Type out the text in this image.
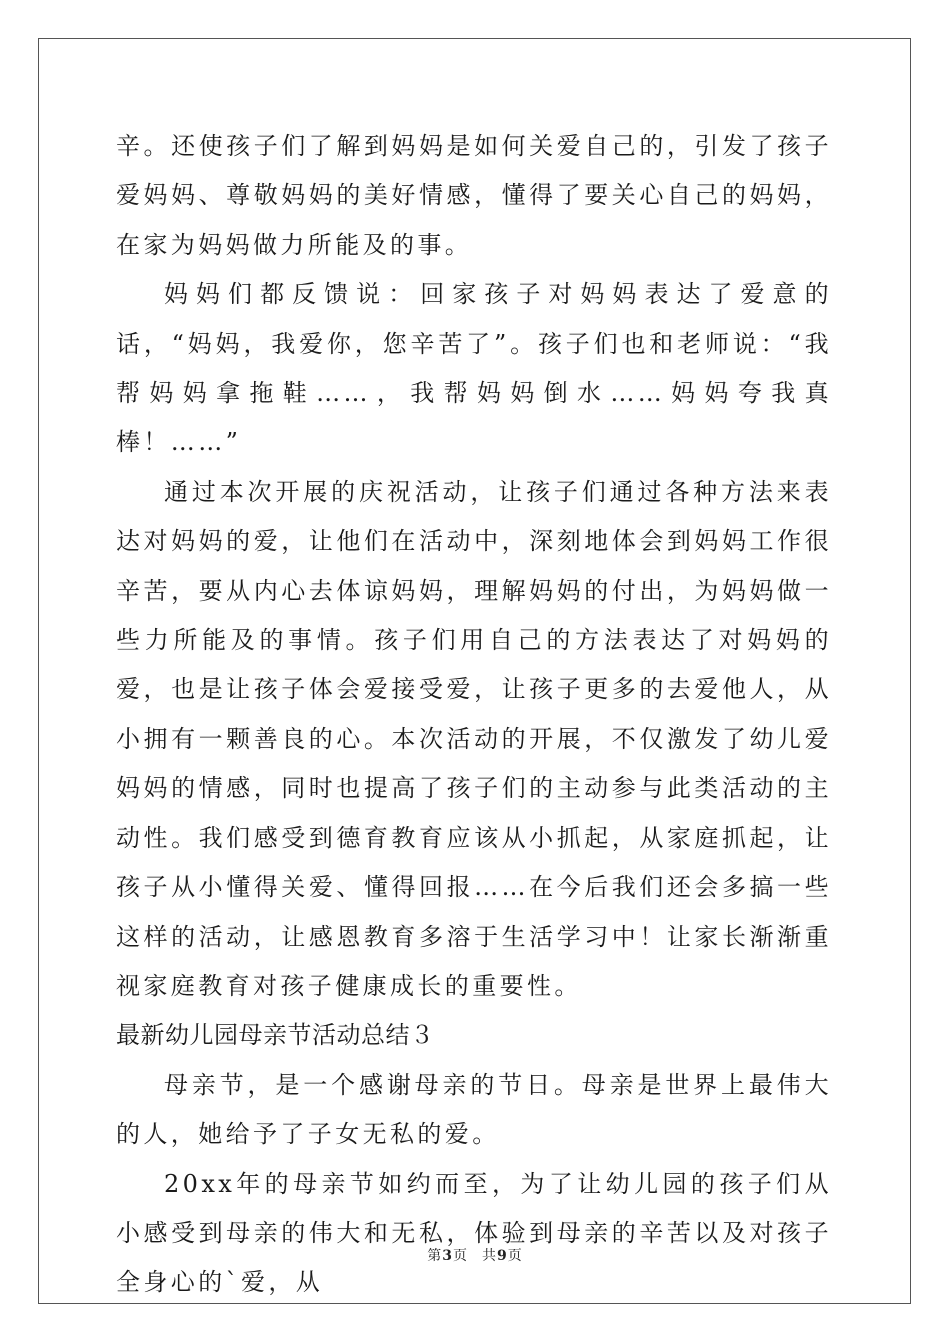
辛。还使孩子们了解到妈妈是如何关爱自己的，引发了孩子爱妈妈、尊敬妈妈的美好情感，懂得了要关心自己的妈妈，在家为妈妈做力所能及的事。

妈妈们都反馈说：回家孩子对妈妈表达了爱意的话，“妈妈，我爱你，您辛苦了”。孩子们也和老师说：“我帮妈妈拿拖鞋……，我帮妈妈倒水……妈妈夸我真棒！……”

通过本次开展的庆祝活动，让孩子们通过各种方法来表达对妈妈的爱，让他们在活动中，深刻地体会到妈妈工作很辛苦，要从内心去体谅妈妈，理解妈妈的付出，为妈妈做一些力所能及的事情。孩子们用自己的方法表达了对妈妈的爱，也是让孩子体会爱接受爱，让孩子更多的去爱他人，从小拥有一颗善良的心。本次活动的开展，不仅激发了幼儿爱妈妈的情感，同时也提高了孩子们的主动参与此类活动的主动性。我们感受到德育教育应该从小抓起，从家庭抓起，让孩子从小懂得关爱、懂得回报……在今后我们还会多搞一些这样的活动，让感恩教育多溶于生活学习中！让家长渐渐重视家庭教育对孩子健康成长的重要性。

最新幼儿园母亲节活动总结３

母亲节，是一个感谢母亲的节日。母亲是世界上最伟大的人，她给予了子女无私的爱。

20xx年的母亲节如约而至，为了让幼儿园的孩子们从小感受到母亲的伟大和无私，体验到母亲的辛苦以及对孩子全身心的`爱，从

第3页 共9页
